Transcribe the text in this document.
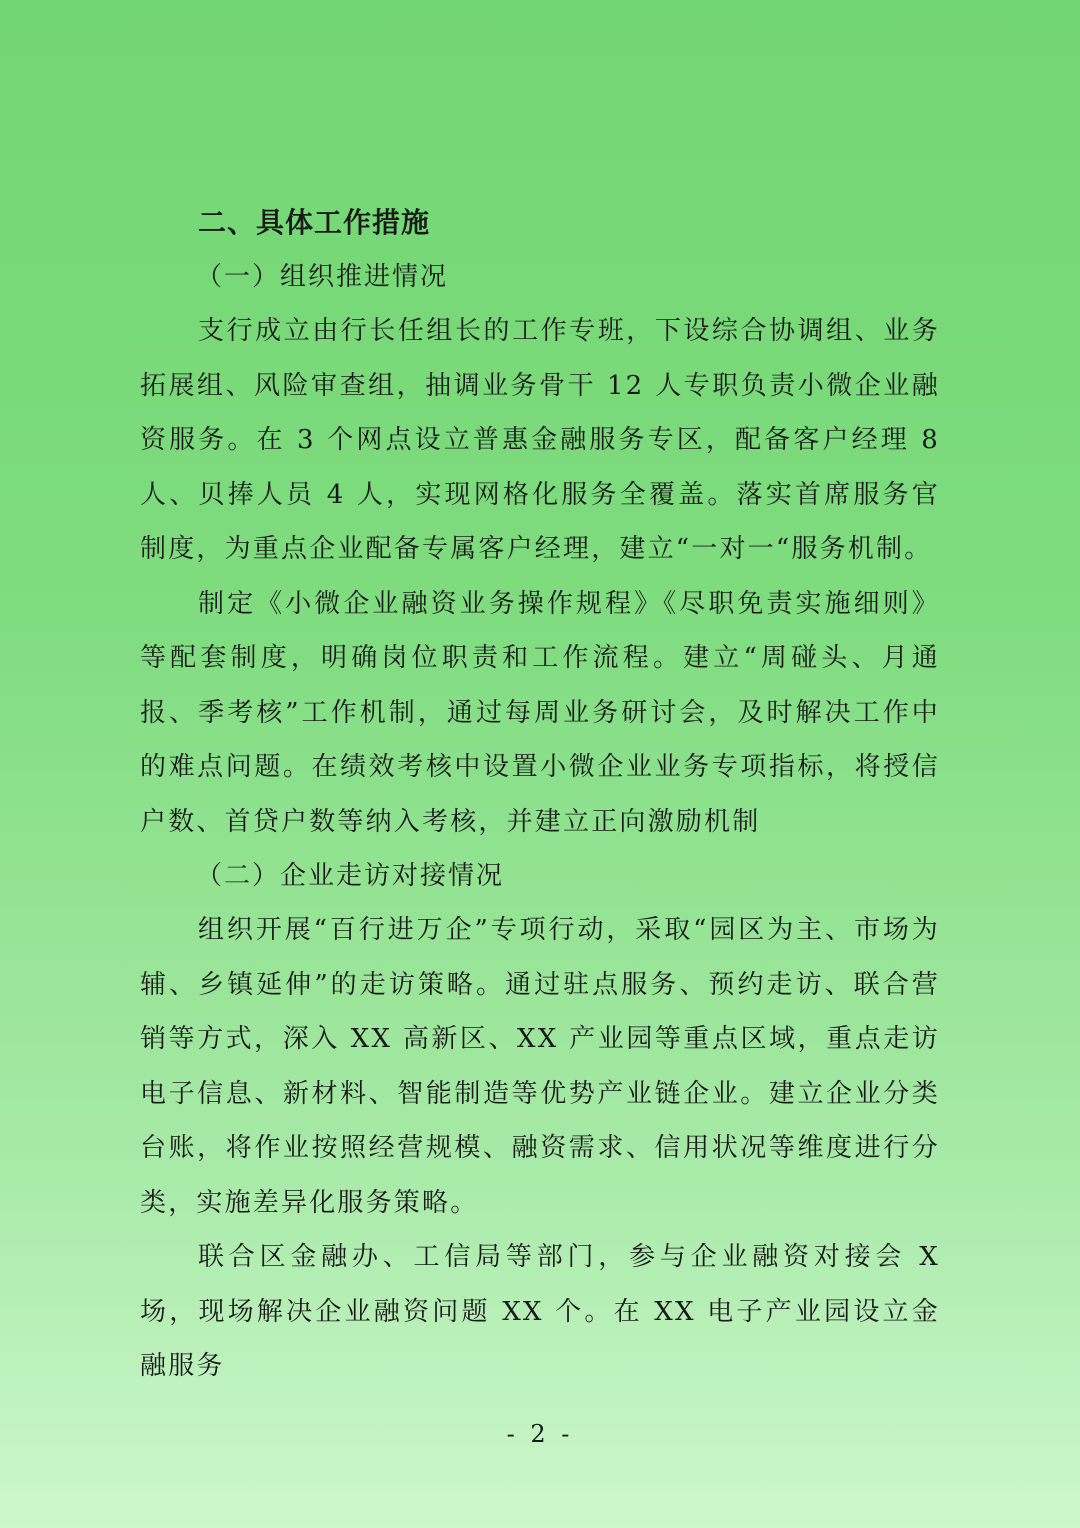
二、具体工作措施

（一）组织推进情况

支行成立由行长任组长的工作专班，下设综合协调组、业务拓展组、风险审查组，抽调业务骨干 12 人专职负责小微企业融资服务。在 3 个网点设立普惠金融服务专区，配备客户经理 8 人、贝捧人员 4 人，实现网格化服务全覆盖。落实首席服务官制度，为重点企业配备专属客户经理，建立“一对一“服务机制。

制定《小微企业融资业务操作规程》《尽职免责实施细则》等配套制度，明确岗位职责和工作流程。建立“周碰头、月通报、季考核”工作机制，通过每周业务研讨会，及时解决工作中的难点问题。在绩效考核中设置小微企业业务专项指标，将授信户数、首贷户数等纳入考核，并建立正向激励机制

（二）企业走访对接情况

组织开展“百行进万企”专项行动，采取“园区为主、市场为辅、乡镇延伸”的走访策略。通过驻点服务、预约走访、联合营销等方式，深入 XX 高新区、XX 产业园等重点区域，重点走访电子信息、新材料、智能制造等优势产业链企业。建立企业分类台账，将作业按照经营规模、融资需求、信用状况等维度进行分类，实施差异化服务策略。

联合区金融办、工信局等部门，参与企业融资对接会 X 场，现场解决企业融资问题 XX 个。在 XX 电子产业园设立金融服务

- 2 -
